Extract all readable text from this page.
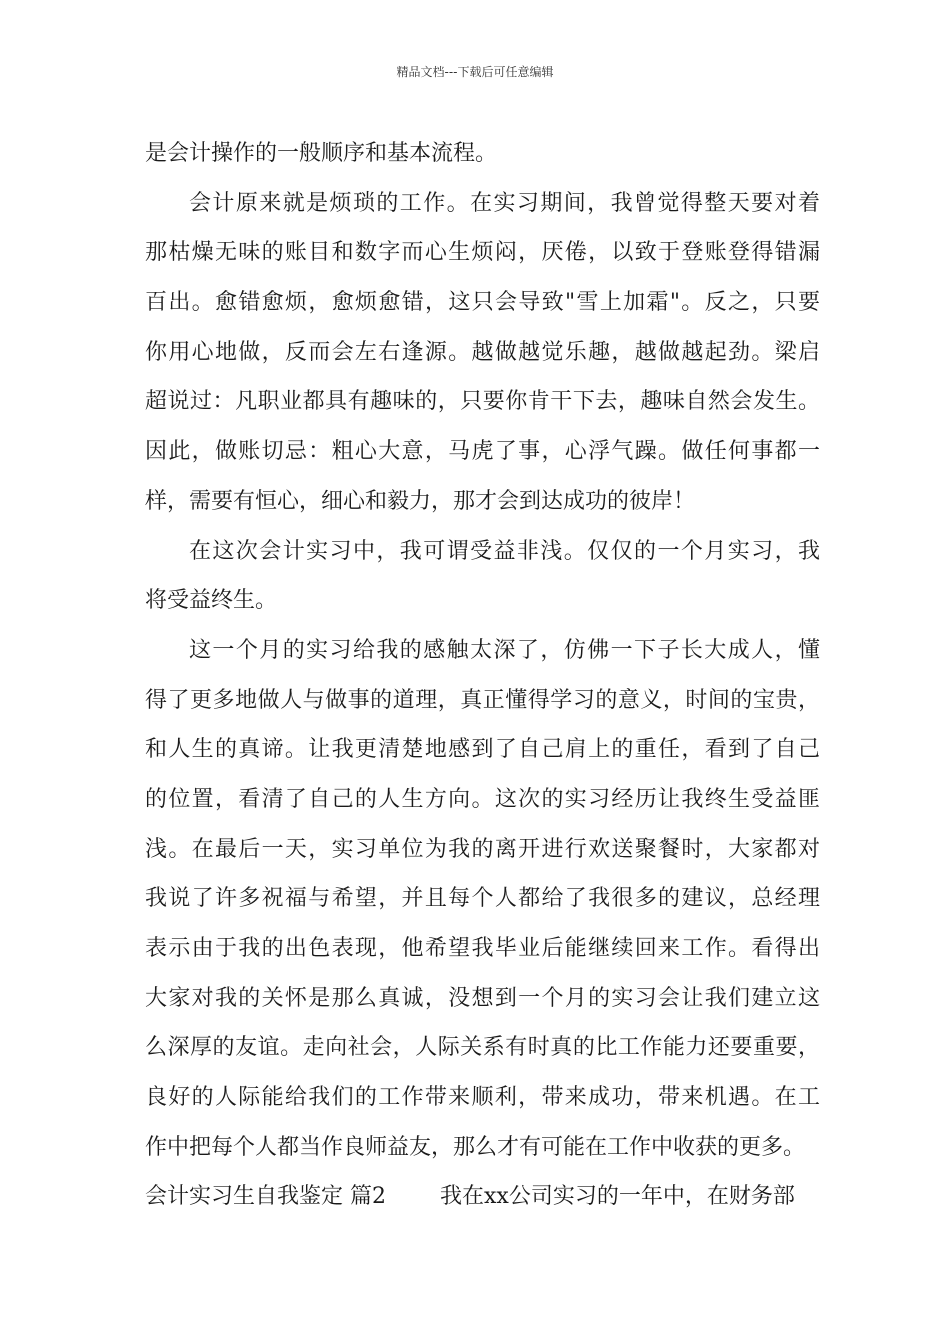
精品文档---下载后可任意编辑
是会计操作的一般顺序和基本流程。
会计原来就是烦琐的工作。在实习期间，我曾觉得整天要对着
那枯燥无味的账目和数字而心生烦闷，厌倦，以致于登账登得错漏
百出。愈错愈烦，愈烦愈错，这只会导致"雪上加霜"。反之，只要
你用心地做，反而会左右逢源。越做越觉乐趣，越做越起劲。梁启
超说过：凡职业都具有趣味的，只要你肯干下去，趣味自然会发生。
因此，做账切忌：粗心大意，马虎了事，心浮气躁。做任何事都一
样，需要有恒心，细心和毅力，那才会到达成功的彼岸！
在这次会计实习中，我可谓受益非浅。仅仅的一个月实习，我
将受益终生。
这一个月的实习给我的感触太深了，仿佛一下子长大成人，懂
得了更多地做人与做事的道理，真正懂得学习的意义，时间的宝贵，
和人生的真谛。让我更清楚地感到了自己肩上的重任，看到了自己
的位置，看清了自己的人生方向。这次的实习经历让我终生受益匪
浅。在最后一天，实习单位为我的离开进行欢送聚餐时，大家都对
我说了许多祝福与希望，并且每个人都给了我很多的建议，总经理
表示由于我的出色表现，他希望我毕业后能继续回来工作。看得出
大家对我的关怀是那么真诚，没想到一个月的实习会让我们建立这
么深厚的友谊。走向社会，人际关系有时真的比工作能力还要重要，
良好的人际能给我们的工作带来顺利，带来成功，带来机遇。在工
作中把每个人都当作良师益友，那么才有可能在工作中收获的更多。
会计实习生自我鉴定 篇2 我在xx公司实习的一年中，在财务部
